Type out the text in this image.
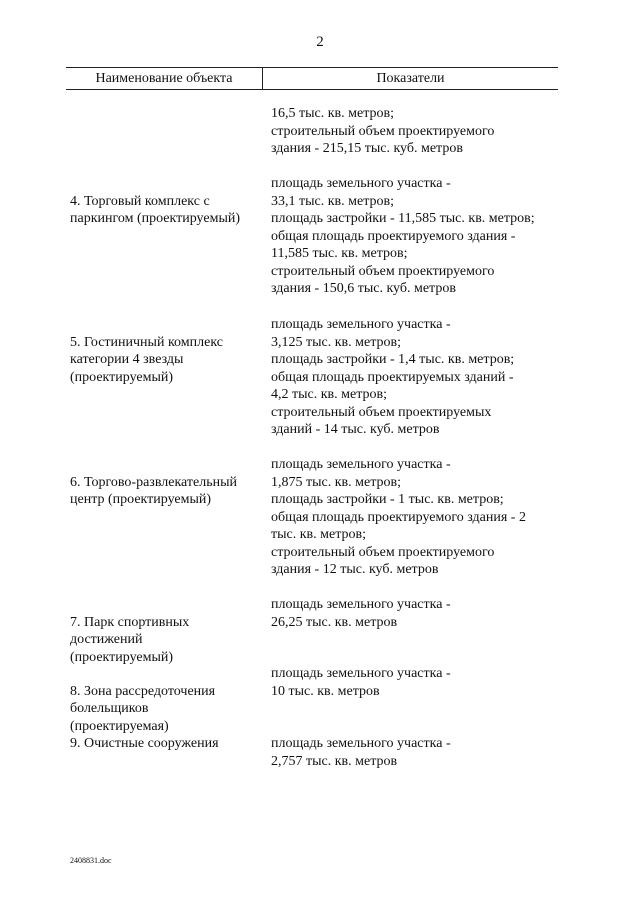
2
Наименование объекта	Показатели
16,5 тыс. кв. метров;
строительный объем проектируемого
здания - 215,15 тыс. куб. метров

4. Торговый комплекс с паркингом (проектируемый)

площадь земельного участка -
33,1 тыс. кв. метров;
площадь застройки - 11,585 тыс. кв. метров;
общая площадь проектируемого здания -
11,585 тыс. кв. метров;
строительный объем проектируемого
здания - 150,6 тыс. куб. метров

5. Гостиничный комплекс категории 4 звезды (проектируемый)

площадь земельного участка -
3,125 тыс. кв. метров;
площадь застройки - 1,4 тыс. кв. метров;
общая площадь проектируемых зданий -
4,2 тыс. кв. метров;
строительный объем проектируемых
зданий - 14 тыс. куб. метров

6. Торгово-развлекательный центр (проектируемый)

площадь земельного участка -
1,875 тыс. кв. метров;
площадь застройки - 1 тыс. кв. метров;
общая площадь проектируемого здания - 2
тыс. кв. метров;
строительный объем проектируемого
здания - 12 тыс. куб. метров

7. Парк спортивных достижений (проектируемый)

площадь земельного участка -
26,25 тыс. кв. метров

8. Зона рассредоточения болельщиков (проектируемая)

площадь земельного участка -
10 тыс. кв. метров
9. Очистные сооружения	площадь земельного участка -
2,757 тыс. кв. метров
2408831.doc
